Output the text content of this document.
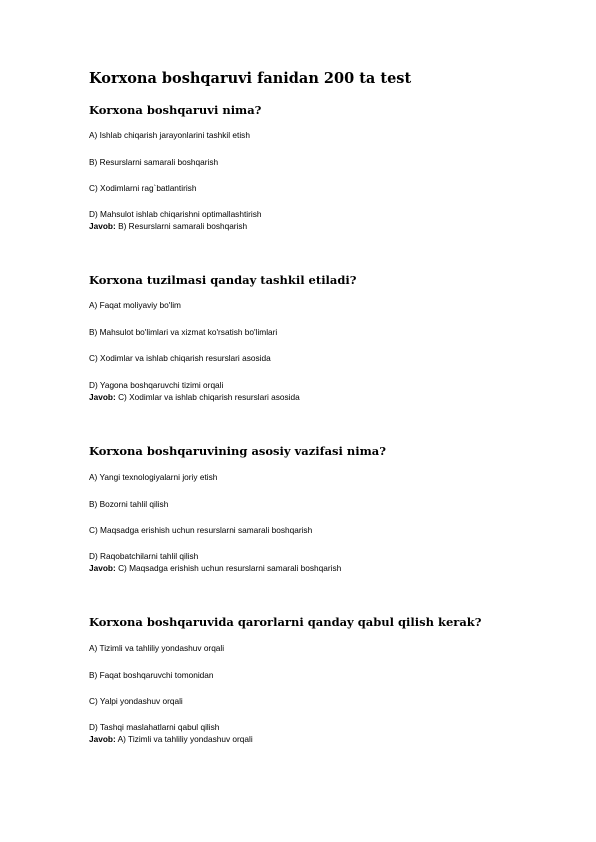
Korxona boshqaruvi fanidan 200 ta test
Korxona boshqaruvi nima?

A) Ishlab chiqarish jarayonlarini tashkil etish

B) Resurslarni samarali boshqarish

C) Xodimlarni rag`batlantirish

D) Mahsulot ishlab chiqarishni optimallashtirish

Javob: B) Resurslarni samarali boshqarish

Korxona tuzilmasi qanday tashkil etiladi?

A) Faqat moliyaviy bo'lim

B) Mahsulot bo'limlari va xizmat ko'rsatish bo'limlari

C) Xodimlar va ishlab chiqarish resurslari asosida

D) Yagona boshqaruvchi tizimi orqali

Javob: C) Xodimlar va ishlab chiqarish resurslari asosida

Korxona boshqaruvining asosiy vazifasi nima?

A) Yangi texnologiyalarni joriy etish

B) Bozorni tahlil qilish

C) Maqsadga erishish uchun resurslarni samarali boshqarish

D) Raqobatchilarni tahlil qilish

Javob: C) Maqsadga erishish uchun resurslarni samarali boshqarish

Korxona boshqaruvida qarorlarni qanday qabul qilish kerak?

A) Tizimli va tahliliy yondashuv orqali

B) Faqat boshqaruvchi tomonidan

C) Yalpi yondashuv orqali

D) Tashqi maslahatlarni qabul qilish

Javob: A) Tizimli va tahliliy yondashuv orqali
